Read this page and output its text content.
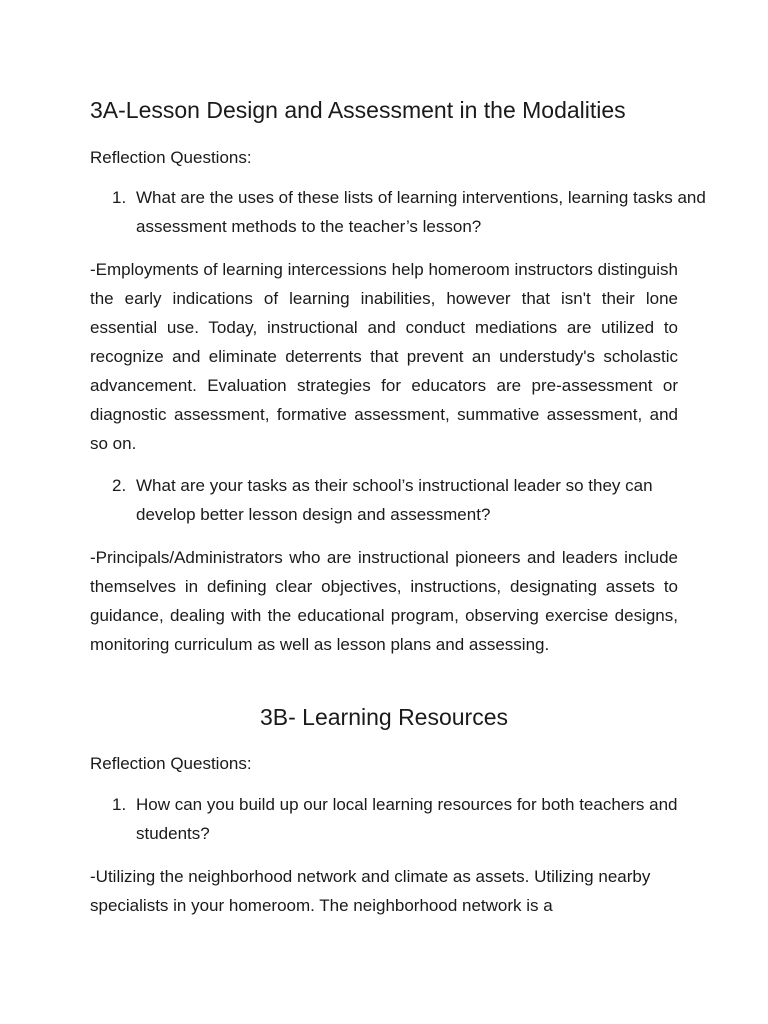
3A-Lesson Design and Assessment in the Modalities

Reflection Questions:

1. What are the uses of these lists of learning interventions, learning tasks and assessment methods to the teacher’s lesson?

-Employments of learning intercessions help homeroom instructors distinguish the early indications of learning inabilities, however that isn't their lone essential use. Today, instructional and conduct mediations are utilized to recognize and eliminate deterrents that prevent an understudy's scholastic advancement. Evaluation strategies for educators are pre-assessment or diagnostic assessment, formative assessment, summative assessment, and so on.

2. What are your tasks as their school’s instructional leader so they can develop better lesson design and assessment?

-Principals/Administrators who are instructional pioneers and leaders include themselves in defining clear objectives, instructions, designating assets to guidance, dealing with the educational program, observing exercise designs, monitoring curriculum as well as lesson plans and assessing.

3B- Learning Resources

Reflection Questions:

1. How can you build up our local learning resources for both teachers and students?

-Utilizing the neighborhood network and climate as assets. Utilizing nearby specialists in your homeroom. The neighborhood network is a
